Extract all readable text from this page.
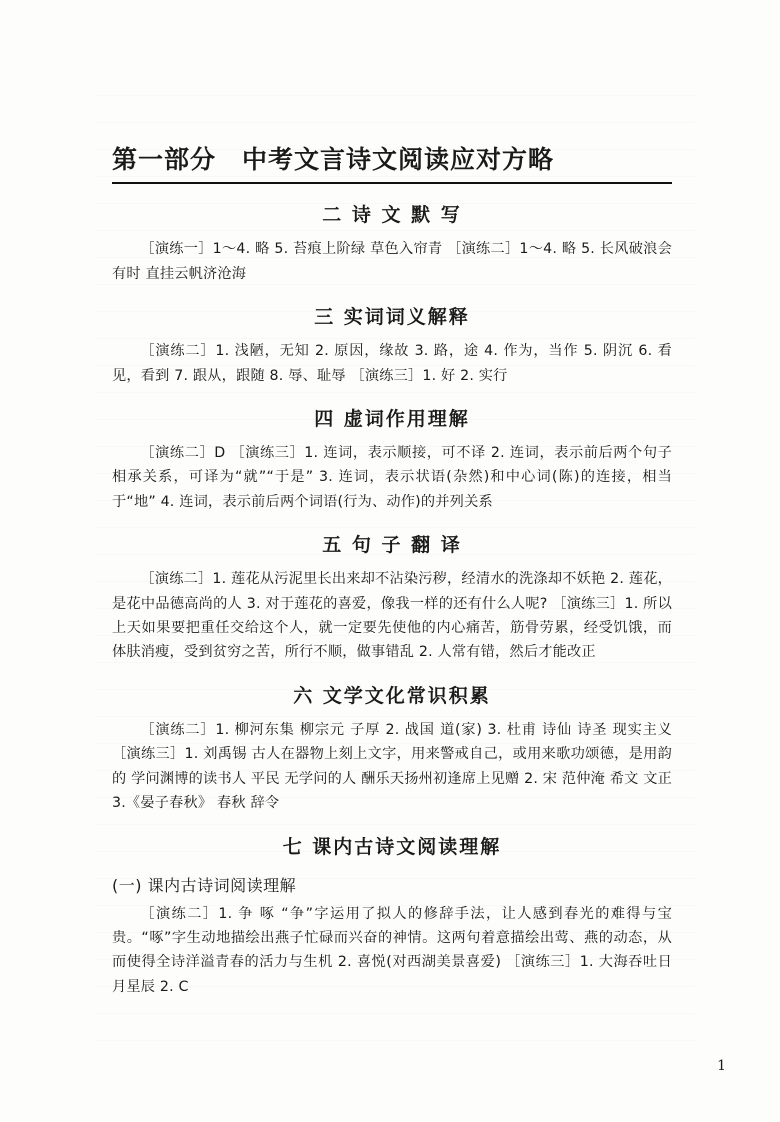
第一部分 中考文言诗文阅读应对方略
二 诗 文 默 写

［演练一］1～4. 略 5. 苔痕上阶绿 草色入帘青 ［演练二］1～4. 略 5. 长风破浪会有时 直挂云帆济沧海

三 实词词义解释

［演练二］1. 浅陋，无知 2. 原因，缘故 3. 路，途 4. 作为，当作 5. 阴沉 6. 看见，看到 7. 跟从，跟随 8. 辱、耻辱 ［演练三］1. 好 2. 实行

四 虚词作用理解

［演练二］D ［演练三］1. 连词，表示顺接，可不译 2. 连词，表示前后两个句子相承关系，可译为“就”“于是” 3. 连词，表示状语(杂然)和中心词(陈)的连接，相当于“地” 4. 连词，表示前后两个词语(行为、动作)的并列关系

五 句 子 翻 译

［演练二］1. 莲花从污泥里长出来却不沾染污秽，经清水的洗涤却不妖艳 2. 莲花，是花中品德高尚的人 3. 对于莲花的喜爱，像我一样的还有什么人呢? ［演练三］1. 所以上天如果要把重任交给这个人，就一定要先使他的内心痛苦，筋骨劳累，经受饥饿，而体肤消瘦，受到贫穷之苦，所行不顺，做事错乱 2. 人常有错，然后才能改正

六 文学文化常识积累

［演练二］1. 柳河东集 柳宗元 子厚 2. 战国 道(家) 3. 杜甫 诗仙 诗圣 现实主义 ［演练三］1. 刘禹锡 古人在器物上刻上文字，用来警戒自己，或用来歌功颂德，是用韵的 学问渊博的读书人 平民 无学问的人 酬乐天扬州初逢席上见赠 2. 宋 范仲淹 希文 文正 3.《晏子春秋》 春秋 辞令

七 课内古诗文阅读理解
(一) 课内古诗词阅读理解

［演练二］1. 争 啄 “争”字运用了拟人的修辞手法，让人感到春光的难得与宝贵。“啄”字生动地描绘出燕子忙碌而兴奋的神情。这两句着意描绘出莺、燕的动态，从而使得全诗洋溢青春的活力与生机 2. 喜悦(对西湖美景喜爱) ［演练三］1. 大海吞吐日月星辰 2. C

1
